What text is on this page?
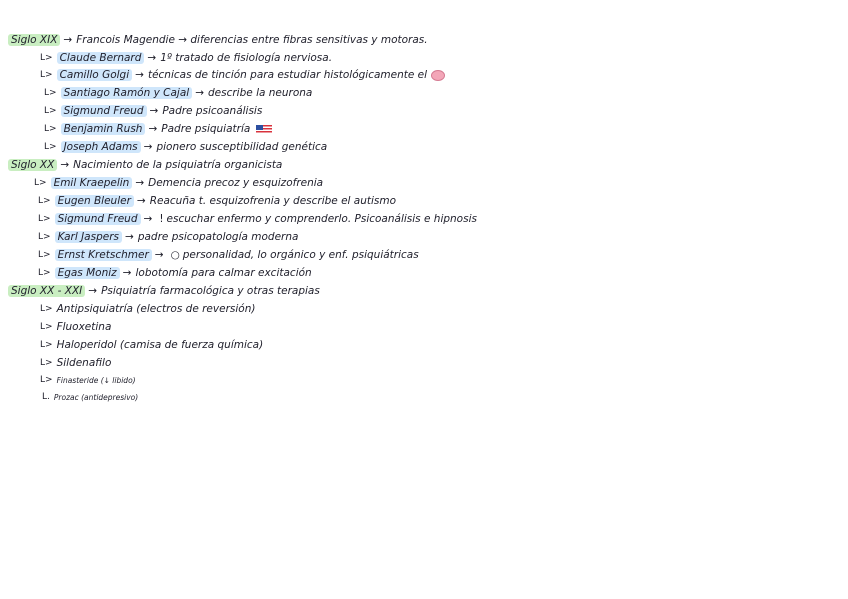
Siglo XIX → Francois Magendie → diferencias entre fibras sensitivas y motoras.
L> Claude Bernard → 1º tratado de fisiología nerviosa.
L> Camillo Golgi → técnicas de tinción para estudiar histológicamente el
L> Santiago Ramón y Cajal → describe la neurona
L> Sigmund Freud → Padre psicoanálisis
L> Benjamin Rush → Padre psiquiatría
L> Joseph Adams → pionero susceptibilidad genética
Siglo XX → Nacimiento de la psiquiatría organicista
L> Emil Kraepelin → Demencia precoz y esquizofrenia
L> Eugen Bleuler → Reacuña t. esquizofrenia y describe el autismo
L> Sigmund Freud → ! escuchar enfermo y comprenderlo. Psicoanálisis e hipnosis
L> Karl Jaspers → padre psicopatología moderna
L> Ernst Kretschmer → ○ personalidad, lo orgánico y enf. psiquiátricas
L> Egas Moniz → lobotomía para calmar excitación
Siglo XX - XXI → Psiquiatría farmacológica y otras terapias
L> Antipsiquiatría (electros de reversión)
L> Fluoxetina
L> Haloperidol (camisa de fuerza química)
L> Sildenafilo
L> Finasteride (↓ libido)
L. Prozac (antidepresivo)
